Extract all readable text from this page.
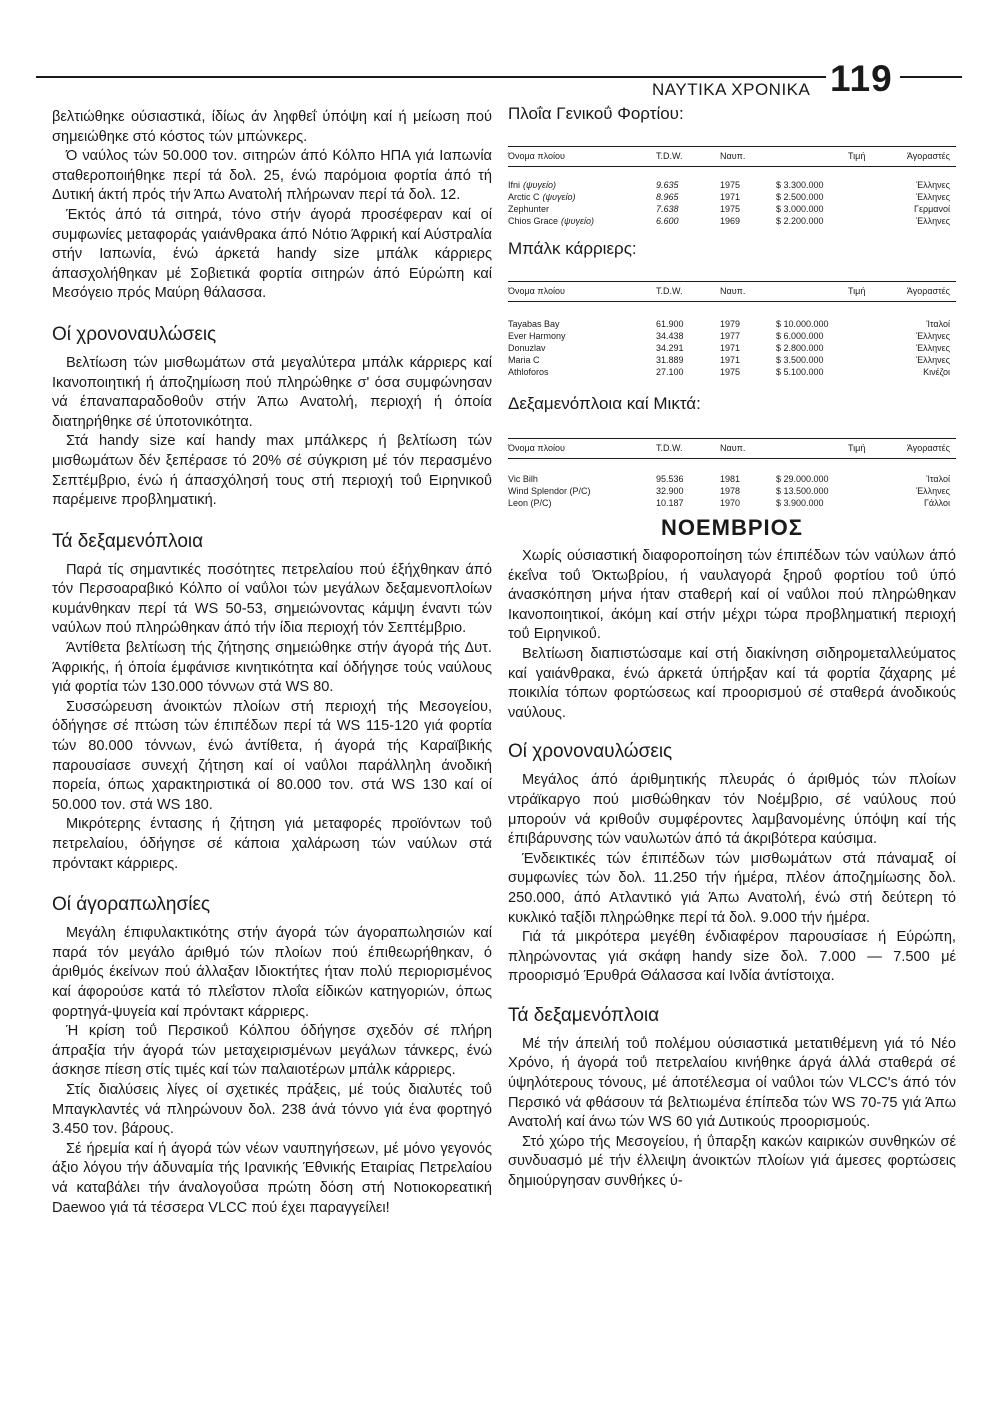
ΝΑΥΤΙΚΑ ΧΡΟΝΙΚΑ 119

βελτιώθηκε ούσιαστικά, ίδίως άν ληφθεΐ ύπόψη καί ή μείωση πού σημειώθηκε στό κόστος τών μπώνκερς.

Ό ναύλος τών 50.000 τον. σιτηρών άπό Κόλπο ΗΠΑ γιά Ιαπωνία σταθεροποιήθηκε περί τά δολ. 25, ένώ παρόμοια φορτία άπό τή Δυτική άκτή πρός τήν Άπω Ανατολή πλήρωναν περί τά δολ. 12.

Έκτός άπό τά σιτηρά, τόνο στήν άγορά προσέφεραν καί οί συμφωνίες μεταφοράς γαιάνθρακα άπό Νότιο Άφρική καί Αύστραλία στήν Ιαπωνία, ένώ άρκετά handy size μπάλκ κάρριερς άπασχολήθηκαν μέ Σοβιετικά φορτία σιτηρών άπό Εύρώπη καί Μεσόγειο πρός Μαύρη θάλασσα.

Οί χρονοναυλώσεις

Βελτίωση τών μισθωμάτων στά μεγαλύτερα μπάλκ κάρριερς καί Ικανοποιητική ή άποζημίωση πού πληρώθηκε σ' όσα συμφώνησαν νά έπαναπαραδοθοΰν στήν Άπω Ανατολή, περιοχή ή όποία διατηρήθηκε σέ ύποτονικότητα.

Στά handy size καί handy max μπάλκερς ή βελτίωση τών μισθωμάτων δέν ξεπέρασε τό 20% σέ σύγκριση μέ τόν περασμένο Σεπτέμβριο, ένώ ή άπασχόλησή τους στή περιοχή τοΰ Ειρηνικοΰ παρέμεινε προβληματική.

Τά δεξαμενόπλοια

Παρά τίς σημαντικές ποσότητες πετρελαίου πού έξήχθηκαν άπό τόν Περσοαραβικό Κόλπο οί ναΰλοι τών μεγάλων δεξαμενοπλοίων κυμάνθηκαν περί τά WS 50-53, σημειώνοντας κάμψη έναντι τών ναύλων πού πληρώθηκαν άπό τήν ίδια περιοχή τόν Σεπτέμβριο.

Άντίθετα βελτίωση τής ζήτησης σημειώθηκε στήν άγορά τής Δυτ. Άφρικής, ή όποία έμφάνισε κινητικότητα καί όδήγησε τούς ναύλους γιά φορτία τών 130.000 τόννων στά WS 80.

Συσσώρευση άνοικτών πλοίων στή περιοχή τής Μεσογείου, όδήγησε σέ πτώση τών έπιπέδων περί τά WS 115-120 γιά φορτία τών 80.000 τόννων, ένώ άντίθετα, ή άγορά τής Καραϊβικής παρουσίασε συνεχή ζήτηση καί οί ναΰλοι παράλληλη άνοδική πορεία, όπως χαρακτηριστικά οί 80.000 τον. στά WS 130 καί οί 50.000 τον. στά WS 180.

Μικρότερης έντασης ή ζήτηση γιά μεταφορές προϊόντων τοΰ πετρελαίου, όδήγησε σέ κάποια χαλάρωση τών ναύλων στά πρόντακτ κάρριερς.

Οί άγοραπωλησίες

Μεγάλη έπιφυλακτικότης στήν άγορά τών άγοραπωλησιών καί παρά τόν μεγάλο άριθμό τών πλοίων πού έπιθεωρήθηκαν, ό άριθμός έκείνων πού άλλαξαν Ιδιοκτήτες ήταν πολύ περιορισμένος καί άφορούσε κατά τό πλεΐστον πλοΐα είδικών κατηγοριών, όπως φορτηγά-ψυγεία καί πρόντακτ κάρριερς.

Ή κρίση τοΰ Περσικοΰ Κόλπου όδήγησε σχεδόν σέ πλήρη άπραξία τήν άγορά τών μεταχειρισμένων μεγάλων τάνκερς, ένώ άσκησε πίεση στίς τιμές καί τών παλαιοτέρων μπάλκ κάρριερς.

Στίς διαλύσεις λίγες οί σχετικές πράξεις, μέ τούς διαλυτές τοΰ Μπαγκλαντές νά πληρώνουν δολ. 238 άνά τόννο γιά ένα φορτηγό 3.450 τον. βάρους.

Σέ ήρεμία καί ή άγορά τών νέων ναυπηγήσεων, μέ μόνο γεγονός άξιο λόγου τήν άδυναμία τής Ιρανικής Έθνικής Εταιρίας Πετρελαίου νά καταβάλει τήν άναλογοΰσα πρώτη δόση στή Νοτιοκορεατική Daewoo γιά τά τέσσερα VLCC πού έχει παραγγείλει!

Πλοΐα Γενικοΰ Φορτίου:
Όνομα πλοίου	T.D.W.	Ναυπ.	Τιμή	Άγοραστές
Ifni (ψυγείο)	9.635	1975	$ 3.300.000	Έλληνες
Arctic C (ψυγείο)	8.965	1971	$ 2.500.000	Έλληνες
Zephunter	7.638	1975	$ 3.000.000	Γερμανοί
Chios Grace (ψυγείο)	6.600	1969	$ 2.200.000	Έλληνες
Μπάλκ κάρριερς:
Όνομα πλοίου	T.D.W.	Ναυπ.	Τιμή	Άγοραστές
Tayabas Bay	61.900	1979	$ 10.000.000	Ίταλοί
Ever Harmony	34.438	1977	$ 6.000.000	Έλληνες
Donuzlav	34.291	1971	$ 2.800.000	Έλληνες
Maria C	31.889	1971	$ 3.500.000	Έλληνες
Athloforos	27.100	1975	$ 5.100.000	Κινέζοι
Δεξαμενόπλοια καί Μικτά:
Όνομα πλοίου	T.D.W.	Ναυπ.	Τιμή	Άγοραστές
Vic Bilh	95.536	1981	$ 29.000.000	Ίταλοί
Wind Splendor (P/C)	32.900	1978	$ 13.500.000	Έλληνες
Leon (P/C)	10.187	1970	$ 3.900.000	Γάλλοι
ΝΟΕΜΒΡΙΟΣ

Χωρίς ούσιαστική διαφοροποίηση τών έπιπέδων τών ναύλων άπό έκεΐνα τοΰ Όκτωβρίου, ή ναυλαγορά ξηροΰ φορτίου τοΰ ύπό άνασκόπηση μήνα ήταν σταθερή καί οί ναΰλοι πού πληρώθηκαν Ικανοποιητικοί, άκόμη καί στήν μέχρι τώρα προβληματική περιοχή τοΰ Ειρηνικοΰ.

Βελτίωση διαπιστώσαμε καί στή διακίνηση σιδηρομεταλλεύματος καί γαιάνθρακα, ένώ άρκετά ύπήρξαν καί τά φορτία ζάχαρης μέ ποικιλία τόπων φορτώσεως καί προορισμού σέ σταθερά άνοδικούς ναύλους.

Οί χρονοναυλώσεις

Μεγάλος άπό άριθμητικής πλευράς ό άριθμός τών πλοίων ντράϊκαργο πού μισθώθηκαν τόν Νοέμβριο, σέ ναύλους πού μπορούν νά κριθοΰν συμφέροντες λαμβανομένης ύπόψη καί τής έπιβάρυνσης τών ναυλωτών άπό τά άκριβότερα καύσιμα.

Ένδεικτικές τών έπιπέδων τών μισθωμάτων στά πάναμαξ οί συμφωνίες τών δολ. 11.250 τήν ήμέρα, πλέον άποζημίωσης δολ. 250.000, άπό Ατλαντικό γιά Άπω Ανατολή, ένώ στή δεύτερη τό κυκλικό ταξίδι πληρώθηκε περί τά δολ. 9.000 τήν ήμέρα.

Γιά τά μικρότερα μεγέθη ένδιαφέρον παρουσίασε ή Εύρώπη, πληρώνοντας γιά σκάφη handy size δολ. 7.000 — 7.500 μέ προορισμό Έρυθρά Θάλασσα καί Ινδία άντίστοιχα.

Τά δεξαμενόπλοια

Μέ τήν άπειλή τοΰ πολέμου ούσιαστικά μετατιθέμενη γιά τό Νέο Χρόνο, ή άγορά τοΰ πετρελαίου κινήθηκε άργά άλλά σταθερά σέ ύψηλότερους τόνους, μέ άποτέλεσμα οί ναΰλοι τών VLCC's άπό τόν Περσικό νά φθάσουν τά βελτιωμένα έπίπεδα τών WS 70-75 γιά Άπω Ανατολή καί άνω τών WS 60 γιά Δυτικούς προορισμούς.

Στό χώρο τής Μεσογείου, ή ΰπαρξη κακών καιρικών συνθηκών σέ συνδυασμό μέ τήν έλλειψη άνοικτών πλοίων γιά άμεσες φορτώσεις δημιούργησαν συνθήκες ύ-
